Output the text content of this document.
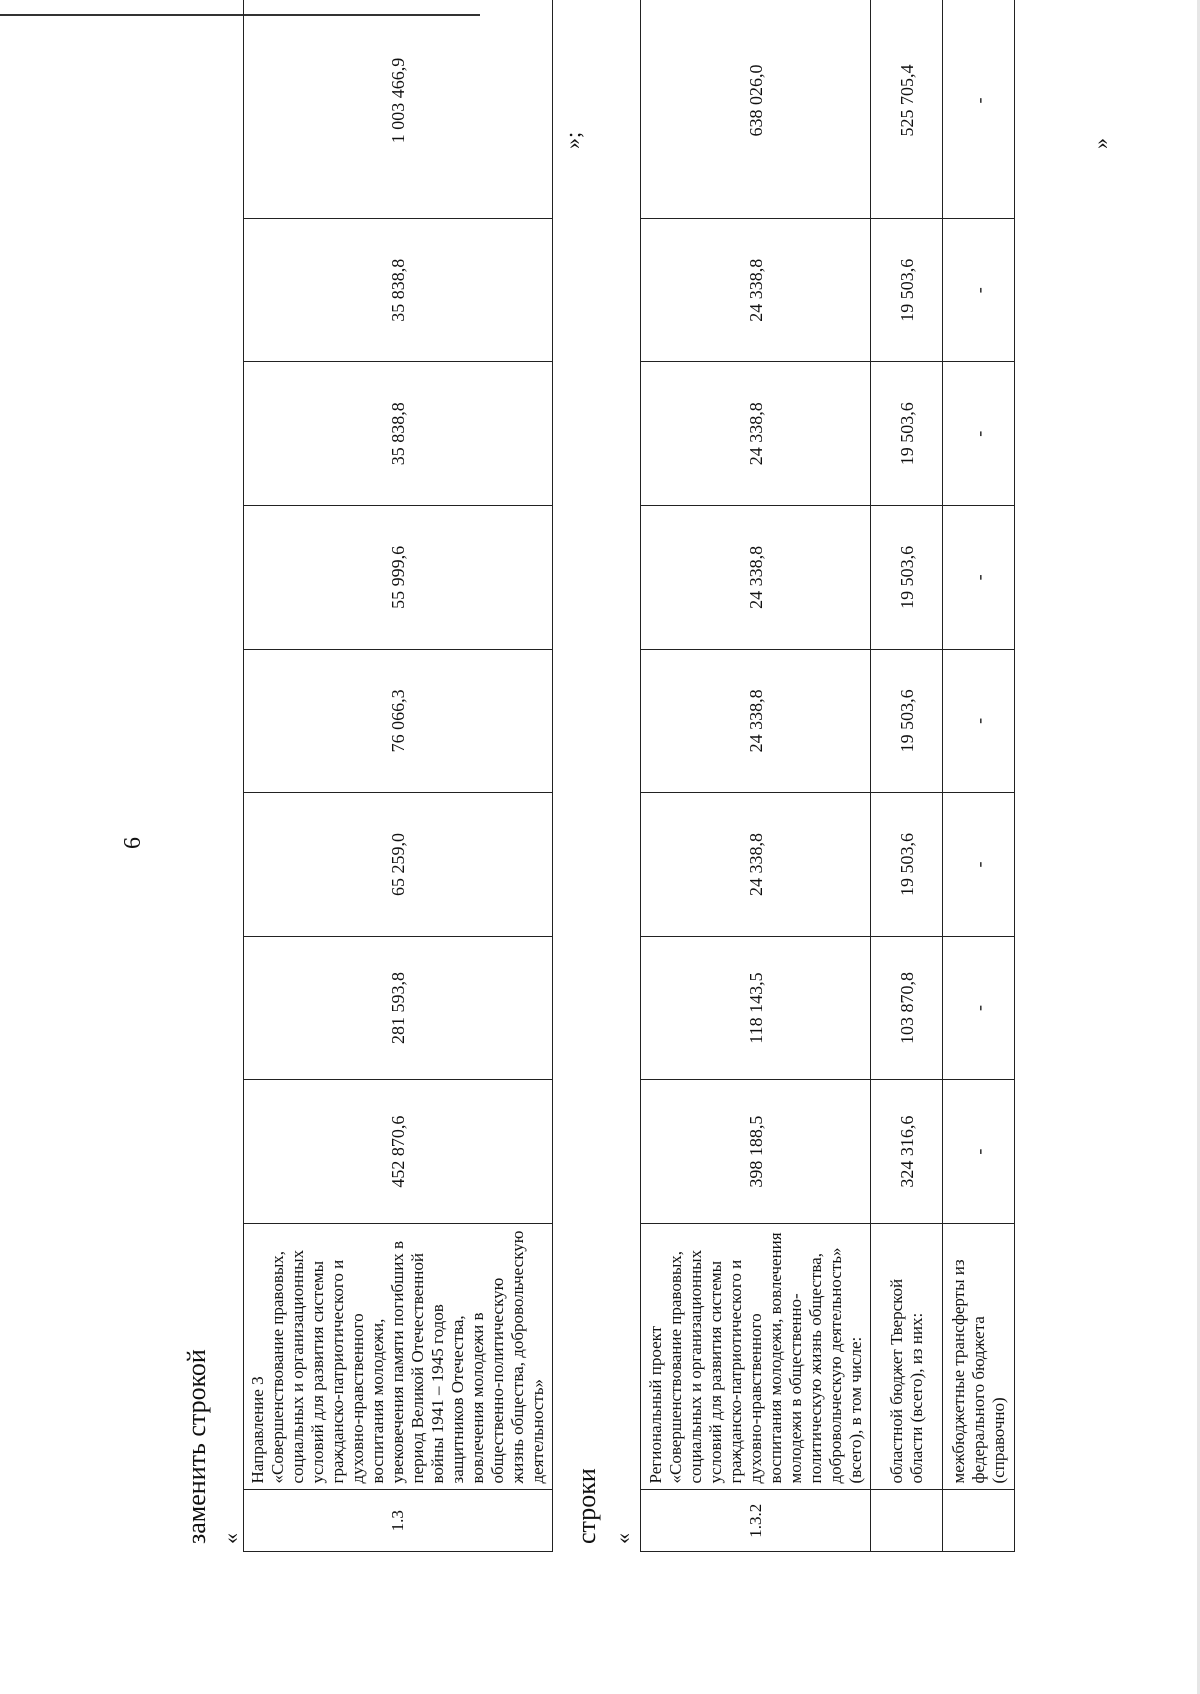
6
заменить строкой «
1.3	Направление 3 «Совершенствование правовых, социальных и организационных условий для развития системы гражданско-патриотического и духовно-нравственного воспитания молодежи, увековечения памяти погибших в период Великой Отечественной войны 1941 – 1945 годов защитников Отечества, вовлечения молодежи в общественно-политическую жизнь общества, добровольческую деятельность»	452 870,6	281 593,8	65 259,0	76 066,3	55 999,6	35 838,8	35 838,8	1 003 466,9	»;
строки «
1.3.2	Региональный проект «Совершенствование правовых, социальных и организационных условий для развития системы гражданско-патриотического и духовно-нравственного воспитания молодежи, вовлечения молодежи в общественно-политическую жизнь общества, добровольческую деятельность» (всего), в том числе:	398 188,5	118 143,5	24 338,8	24 338,8	24 338,8	24 338,8	24 338,8	638 026,0
	областной бюджет Тверской области (всего), из них:	324 316,6	103 870,8	19 503,6	19 503,6	19 503,6	19 503,6	19 503,6	525 705,4
	межбюджетные трансферты из федерального бюджета (справочно)	-	-	-	-	-	-	-	-
»
